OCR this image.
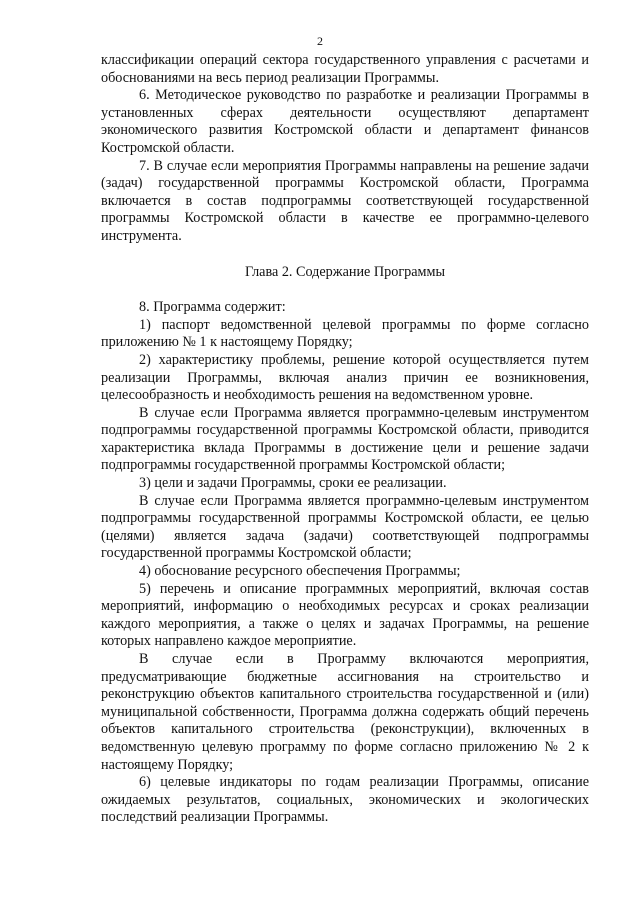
2

классификации операций сектора государственного управления с расчетами и обоснованиями на весь период реализации Программы.

6. Методическое руководство по разработке и реализации Программы в установленных сферах деятельности осуществляют департамент экономического развития Костромской области и департамент финансов Костромской области.

7. В случае если мероприятия Программы направлены на решение задачи (задач) государственной программы Костромской области, Программа включается в состав подпрограммы соответствующей государственной программы Костромской области в качестве ее программно-целевого инструмента.

Глава 2. Содержание Программы

8. Программа содержит:

1) паспорт ведомственной целевой программы по форме согласно приложению № 1 к настоящему Порядку;

2) характеристику проблемы, решение которой осуществляется путем реализации Программы, включая анализ причин ее возникновения, целесообразность и необходимость решения на ведомственном уровне.

В случае если Программа является программно-целевым инструментом подпрограммы государственной программы Костромской области, приводится характеристика вклада Программы в достижение цели и решение задачи подпрограммы государственной программы Костромской области;

3) цели и задачи Программы, сроки ее реализации.

В случае если Программа является программно-целевым инструментом подпрограммы государственной программы Костромской области, ее целью (целями) является задача (задачи) соответствующей подпрограммы государственной программы Костромской области;

4) обоснование ресурсного обеспечения Программы;

5) перечень и описание программных мероприятий, включая состав мероприятий, информацию о необходимых ресурсах и сроках реализации каждого мероприятия, а также о целях и задачах Программы, на решение которых направлено каждое мероприятие.

В случае если в Программу включаются мероприятия, предусматривающие бюджетные ассигнования на строительство и реконструкцию объектов капитального строительства государственной и (или) муниципальной собственности, Программа должна содержать общий перечень объектов капитального строительства (реконструкции), включенных в ведомственную целевую программу по форме согласно приложению № 2 к настоящему Порядку;

6) целевые индикаторы по годам реализации Программы, описание ожидаемых результатов, социальных, экономических и экологических последствий реализации Программы.
